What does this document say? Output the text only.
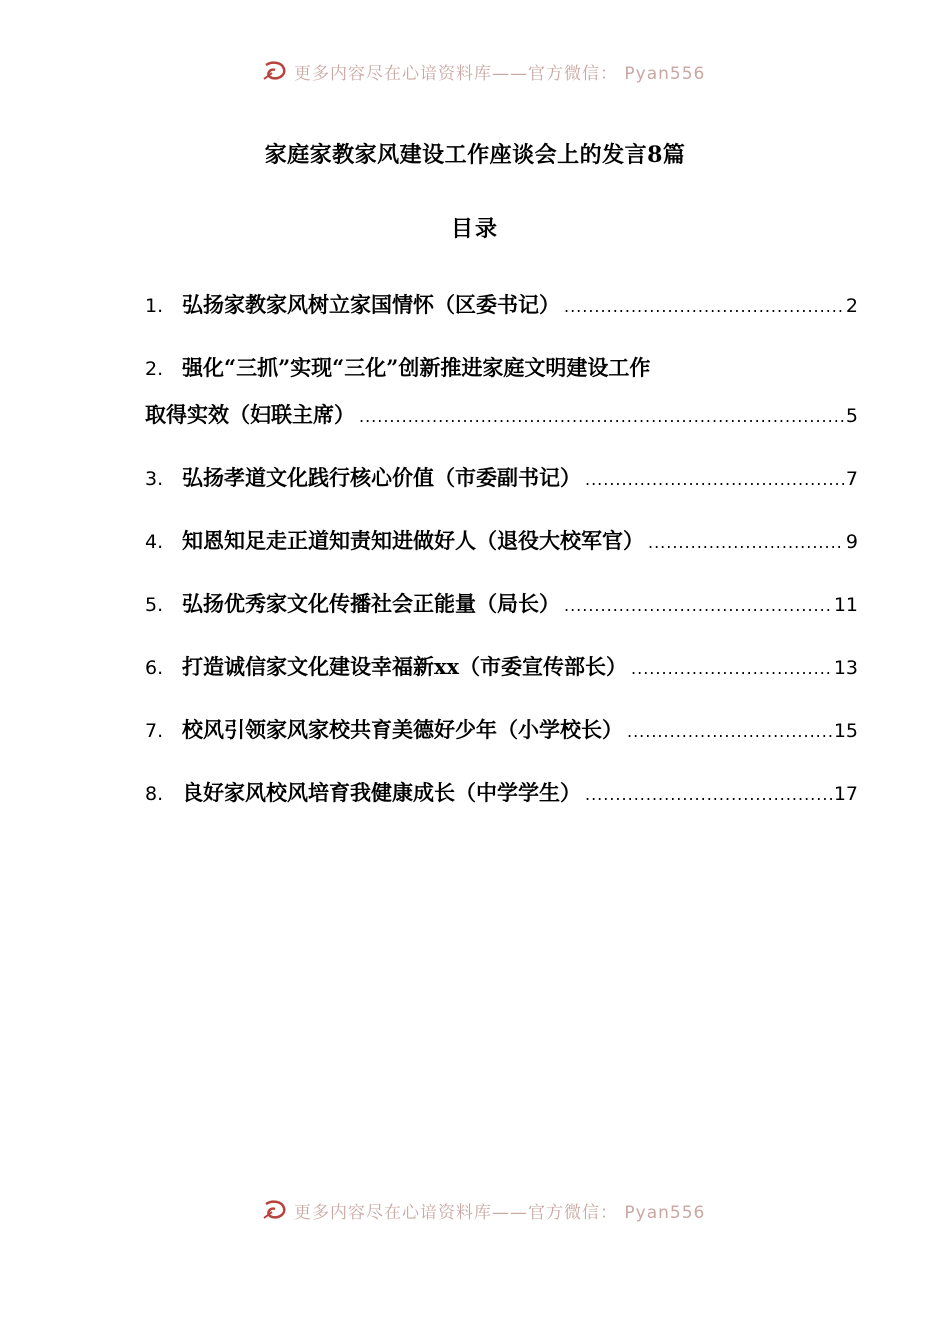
更多内容尽在心谙资料库——官方微信： Pyan556
家庭家教家风建设工作座谈会上的发言8篇
目录
1. 弘扬家教家风树立家国情怀（区委书记） .....	2
2. 强化“三抓”实现“三化”创新推进家庭文明建设工作
取得实效（妇联主席） .....	5
3. 弘扬孝道文化践行核心价值（市委副书记） .....	7
4. 知恩知足走正道知责知进做好人（退役大校军官） .....	9
5. 弘扬优秀家文化传播社会正能量（局长） .....	11
6. 打造诚信家文化建设幸福新xx（市委宣传部长） .....	13
7. 校风引领家风家校共育美德好少年（小学校长） .....	15
8. 良好家风校风培育我健康成长（中学学生） .....	17
更多内容尽在心谙资料库——官方微信： Pyan556
